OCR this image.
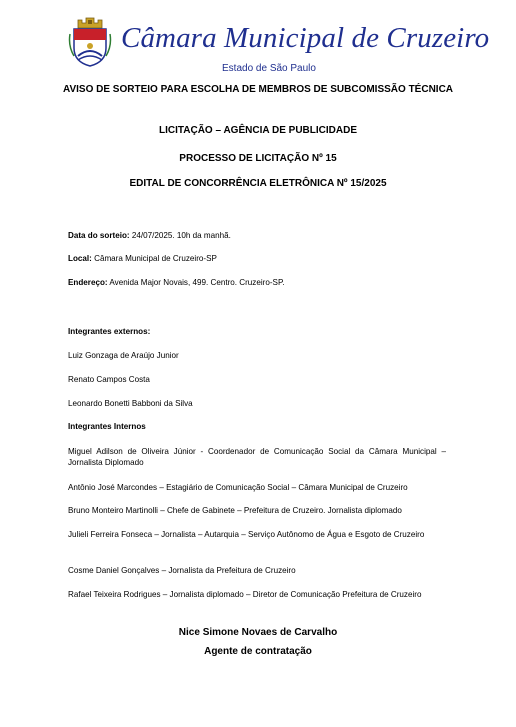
Câmara Municipal de Cruzeiro
Estado de São Paulo
AVISO DE SORTEIO PARA ESCOLHA DE MEMBROS DE SUBCOMISSÃO TÉCNICA
LICITAÇÃO – AGÊNCIA DE PUBLICIDADE
PROCESSO DE LICITAÇÃO Nº 15
EDITAL DE CONCORRÊNCIA ELETRÔNICA Nº 15/2025
Data do sorteio: 24/07/2025. 10h da manhã.
Local: Câmara Municipal de Cruzeiro-SP
Endereço: Avenida Major Novais, 499. Centro. Cruzeiro-SP.
Integrantes externos:
Luiz Gonzaga de Araújo Junior
Renato Campos Costa
Leonardo Bonetti Babboni da Silva
Integrantes Internos
Miguel Adilson de Oliveira Júnior - Coordenador de Comunicação Social da Câmara Municipal – Jornalista Diplomado
Antônio José Marcondes – Estagiário de Comunicação Social – Câmara Municipal de Cruzeiro
Bruno Monteiro Martinolli – Chefe de Gabinete – Prefeitura de Cruzeiro. Jornalista diplomado
Julieli Ferreira Fonseca – Jornalista – Autarquia – Serviço Autônomo de Água e Esgoto de Cruzeiro
Cosme Daniel Gonçalves – Jornalista da Prefeitura de Cruzeiro
Rafael Teixeira Rodrigues – Jornalista diplomado – Diretor de Comunicação Prefeitura de Cruzeiro
Nice Simone Novaes de Carvalho
Agente de contratação
